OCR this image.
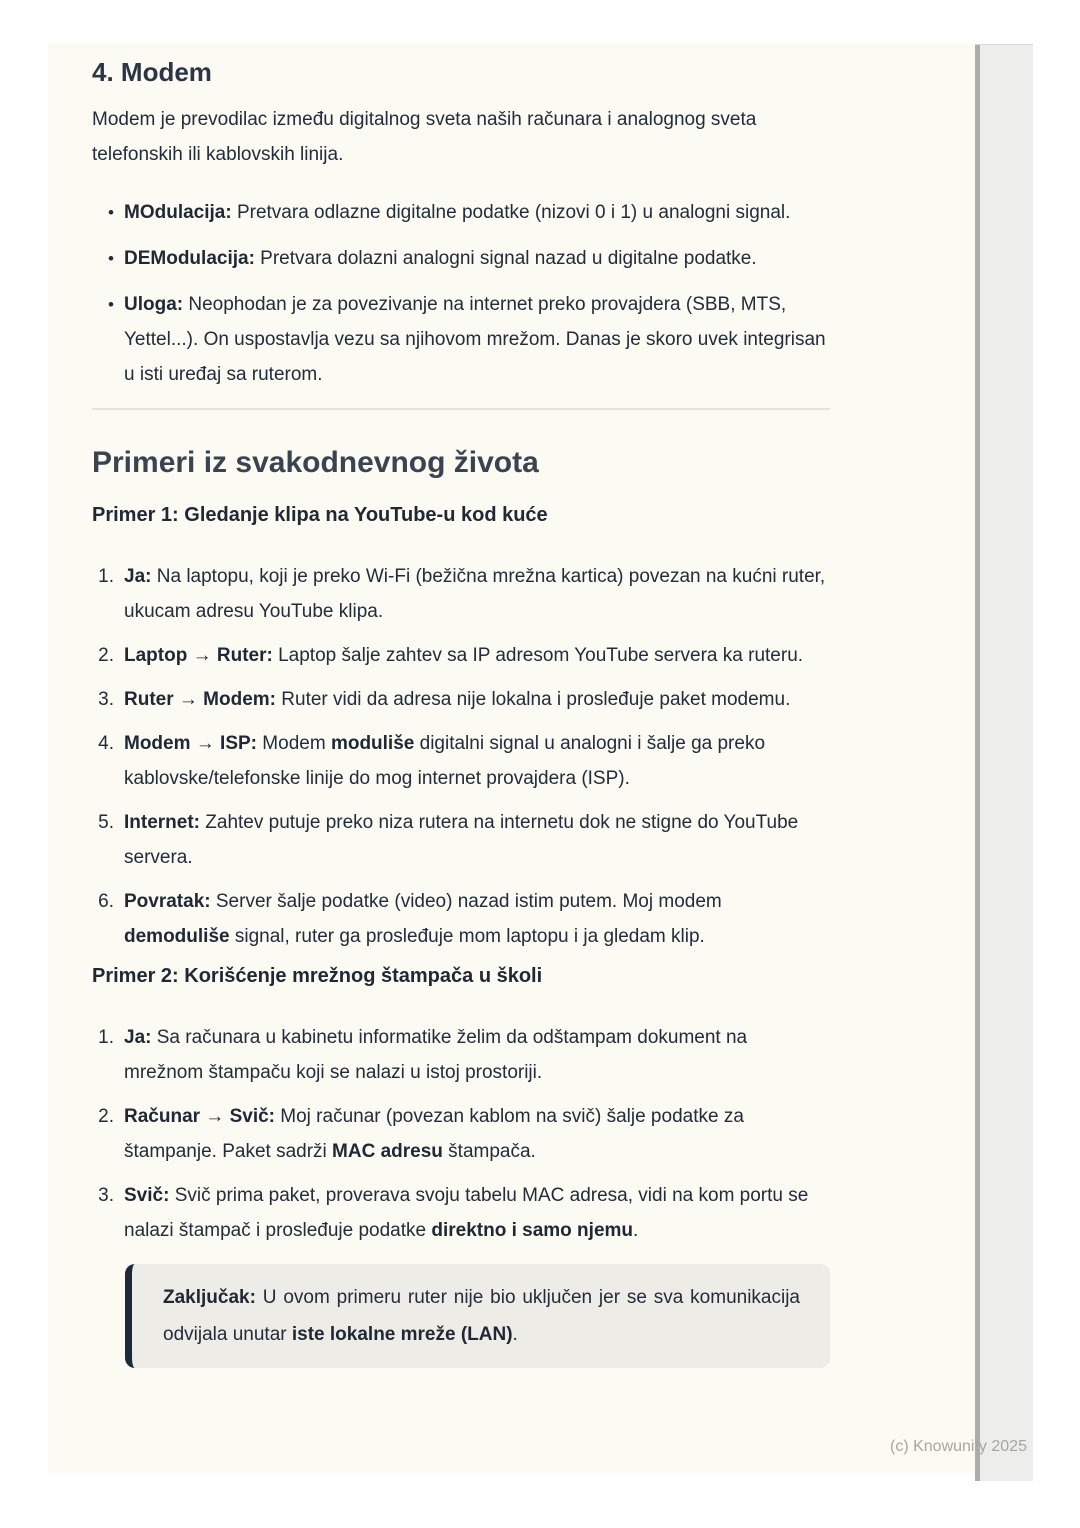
4. Modem

Modem je prevodilac između digitalnog sveta naših računara i analognog sveta telefonskih ili kablovskih linija.

• MOdulacija: Pretvara odlazne digitalne podatke (nizovi 0 i 1) u analogni signal.
• DEModulacija: Pretvara dolazni analogni signal nazad u digitalne podatke.
• Uloga: Neophodan je za povezivanje na internet preko provajdera (SBB, MTS, Yettel...). On uspostavlja vezu sa njihovom mrežom. Danas je skoro uvek integrisan u isti uređaj sa ruterom.
Primeri iz svakodnevnog života
Primer 1: Gledanje klipa na YouTube-u kod kuće
1. Ja: Na laptopu, koji je preko Wi-Fi (bežična mrežna kartica) povezan na kućni ruter, ukucam adresu YouTube klipa.
2. Laptop → Ruter: Laptop šalje zahtev sa IP adresom YouTube servera ka ruteru.
3. Ruter → Modem: Ruter vidi da adresa nije lokalna i prosleđuje paket modemu.
4. Modem → ISP: Modem moduliše digitalni signal u analogni i šalje ga preko kablovske/telefonske linije do mog internet provajdera (ISP).
5. Internet: Zahtev putuje preko niza rutera na internetu dok ne stigne do YouTube servera.
6. Povratak: Server šalje podatke (video) nazad istim putem. Moj modem demoduliše signal, ruter ga prosleđuje mom laptopu i ja gledam klip.
Primer 2: Korišćenje mrežnog štampača u školi
1. Ja: Sa računara u kabinetu informatike želim da odštampam dokument na mrežnom štampaču koji se nalazi u istoj prostoriji.
2. Računar → Svič: Moj računar (povezan kablom na svič) šalje podatke za štampanje. Paket sadrži MAC adresu štampača.
3. Svič: Svič prima paket, proverava svoju tabelu MAC adresa, vidi na kom portu se nalazi štampač i prosleđuje podatke direktno i samo njemu.

Zaključak: U ovom primeru ruter nije bio uključen jer se sva komunikacija odvijala unutar iste lokalne mreže (LAN).

(c) Knowunity 2025
